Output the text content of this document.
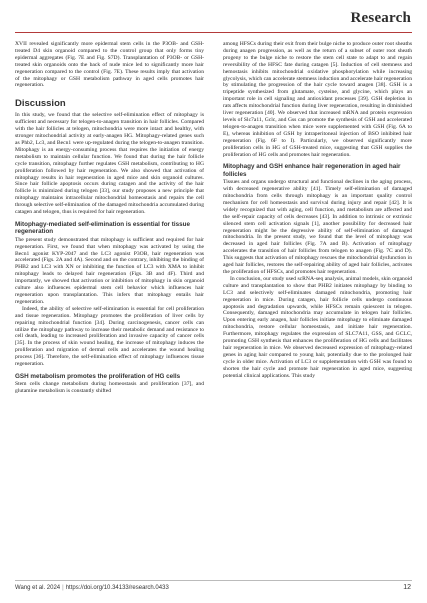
Research

XVII revealed significantly more epidermal stem cells in the P3OB- and GSH-treated D4 skin organoid compared to the control group that only forms tiny epidermal aggregates (Fig. 7E and Fig. S7D). Transplantation of P3OB- or GSH-treated skin organoids onto the back of nude mice led to significantly more hair regeneration compared to the control (Fig. 7E). These results imply that activation of the mitophagy or GSH metabolism pathway in aged cells promotes hair regeneration.

Discussion

In this study, we found that the selective self-elimination effect of mitophagy is sufficient and necessary for telogen-to-anagen transition in hair follicles. Compared with the hair follicles at telogen, mitochondria were more intact and healthy, with stronger mitochondrial activity at early-anagen HG. Mitophagy-related genes such as Phb2, Lc3, and Becn1 were up-regulated during the telogen-to-anagen transition. Mitophagy is an energy-consuming process that requires the initiation of energy metabolism to maintain cellular function. We found that during the hair follicle cycle transition, mitophagy further regulates GSH metabolism, contributing to HG proliferation followed by hair regeneration. We also showed that activation of mitophagy results in hair regeneration in aged mice and skin organoid cultures. Since hair follicle apoptosis occurs during catagen and the activity of the hair follicle is minimized during telogen [33], our study proposes a new principle that mitophagy maintains intracellular mitochondrial homeostasis and repairs the cell through selective self-elimination of the damaged mitochondria accumulated during catagen and telogen, thus is required for hair regeneration.

Mitophagy-mediated self-elimination is essential for tissue regeneration

The present study demonstrated that mitophagy is sufficient and required for hair regeneration. First, we found that when mitophagy was activated by using the Becn1 agonist KYP-2047 and the LC3 agonist P3OB, hair regeneration was accelerated (Figs. 2A and 4A). Second and on the contrary, inhibiting the binding of PHB2 and LC3 with XN or inhibiting the function of LC3 with XMA to inhibit mitophagy leads to delayed hair regeneration (Figs. 3B and 4F). Third and importantly, we showed that activation or inhibition of mitophagy in skin organoid culture also influences epidermal stem cell behavior which influences hair regeneration upon transplantation. This infers that mitophagy entails hair regeneration.

Indeed, the ability of selective self-elimination is essential for cell proliferation and tissue regeneration. Mitophagy promotes the proliferation of liver cells by repairing mitochondrial function [34]. During carcinogenesis, cancer cells can utilize the mitophagy pathway to increase their metabolic demand and resistance to cell death, leading to increased proliferation and invasive capacity of cancer cells [35]. In the process of skin wound healing, the increase of mitophagy induces the proliferation and migration of dermal cells and accelerates the wound healing process [36]. Therefore, the self-elimination effect of mitophagy influences tissue regeneration.

GSH metabolism promotes the proliferation of HG cells

Stem cells change metabolism during homeostasis and proliferation [37], and glutamine metabolism is constantly shifted

among HFSCs during their exit from their bulge niche to produce outer root sheaths during anagen progression, as well as the return of a subset of outer root sheath progeny to the bulge niche to restore the stem cell state to adapt to and regain reversibility of the HFSC fate during catagen [5]. Induction of cell stemness and hemostasis inhibits mitochondrial oxidative phosphorylation while increasing glycolysis, which can accelerate stemness induction and accelerate hair regeneration by stimulating the progression of the hair cycle toward anagen [38]. GSH is a tripeptide synthesized from glutamate, cysteine, and glycine, which plays an important role in cell signaling and antioxidant processes [39]. GSH depletion in rats affects mitochondrial function during liver regeneration, resulting in diminished liver regeneration [40]. We observed that increased mRNA and protein expression levels of Slc7a11, Gclc, and Gss can promote the synthesis of GSH and accelerated telogen-to-anagen transition when mice were supplemented with GSH (Fig. 6A to E), whereas inhibition of GSH by intraperitoneal injection of BSO inhibited hair regeneration (Fig. 6F to I). Particularly, we observed significantly more proliferation cells in HG of GSH-treated mice, suggesting that GSH supplies the proliferation of HG cells and promotes hair regeneration.

Mitophagy and GSH enhance hair regeneration in aged hair follicles

Tissues and organs undergo structural and functional declines in the aging process, with decreased regenerative ability [41]. Timely self-elimination of damaged mitochondria from cells through mitophagy is an important quality control mechanism for cell homeostasis and survival during injury and repair [42]. It is widely recognized that with aging, cell function, and metabolism are affected and the self-repair capacity of cells decreases [43]. In addition to intrinsic or extrinsic silenced stem cell activation signals [1], another possibility for decreased hair regeneration might be the degressive ability of self-elimination of damaged mitochondria. In the present study, we found that the level of mitophagy was decreased in aged hair follicles (Fig. 7A and B). Activation of mitophagy accelerates the transition of hair follicles from telogen to anagen (Fig. 7C and D). This suggests that activation of mitophagy rescues the mitochondrial dysfunction in aged hair follicles, restores the self-repairing ability of aged hair follicles, activates the proliferation of HFSCs, and promotes hair regeneration.

In conclusion, our study used scRNA-seq analysis, animal models, skin organoid culture and transplantation to show that PHB2 initiates mitophagy by binding to LC3 and selectively self-eliminates damaged mitochondria, promoting hair regeneration in mice. During catagen, hair follicle cells undergo continuous apoptosis and degradation upwards, while HFSCs remain quiescent in telogen. Consequently, damaged mitochondria may accumulate in telogen hair follicles. Upon entering early anagen, hair follicles initiate mitophagy to eliminate damaged mitochondria, restore cellular homeostasis, and initiate hair regeneration. Furthermore, mitophagy regulates the expression of SLC7A11, GSS, and GCLC, promoting GSH synthesis that enhances the proliferation of HG cells and facilitates hair regeneration in mice. We observed decreased expression of mitophagy-related genes in aging hair compared to young hair, potentially due to the prolonged hair cycle in older mice. Activation of LC3 or supplementation with GSH was found to shorten the hair cycle and promote hair regeneration in aged mice, suggesting potential clinical applications. This study

Wang et al. 2024 | https://doi.org/10.34133/research.0433	12
